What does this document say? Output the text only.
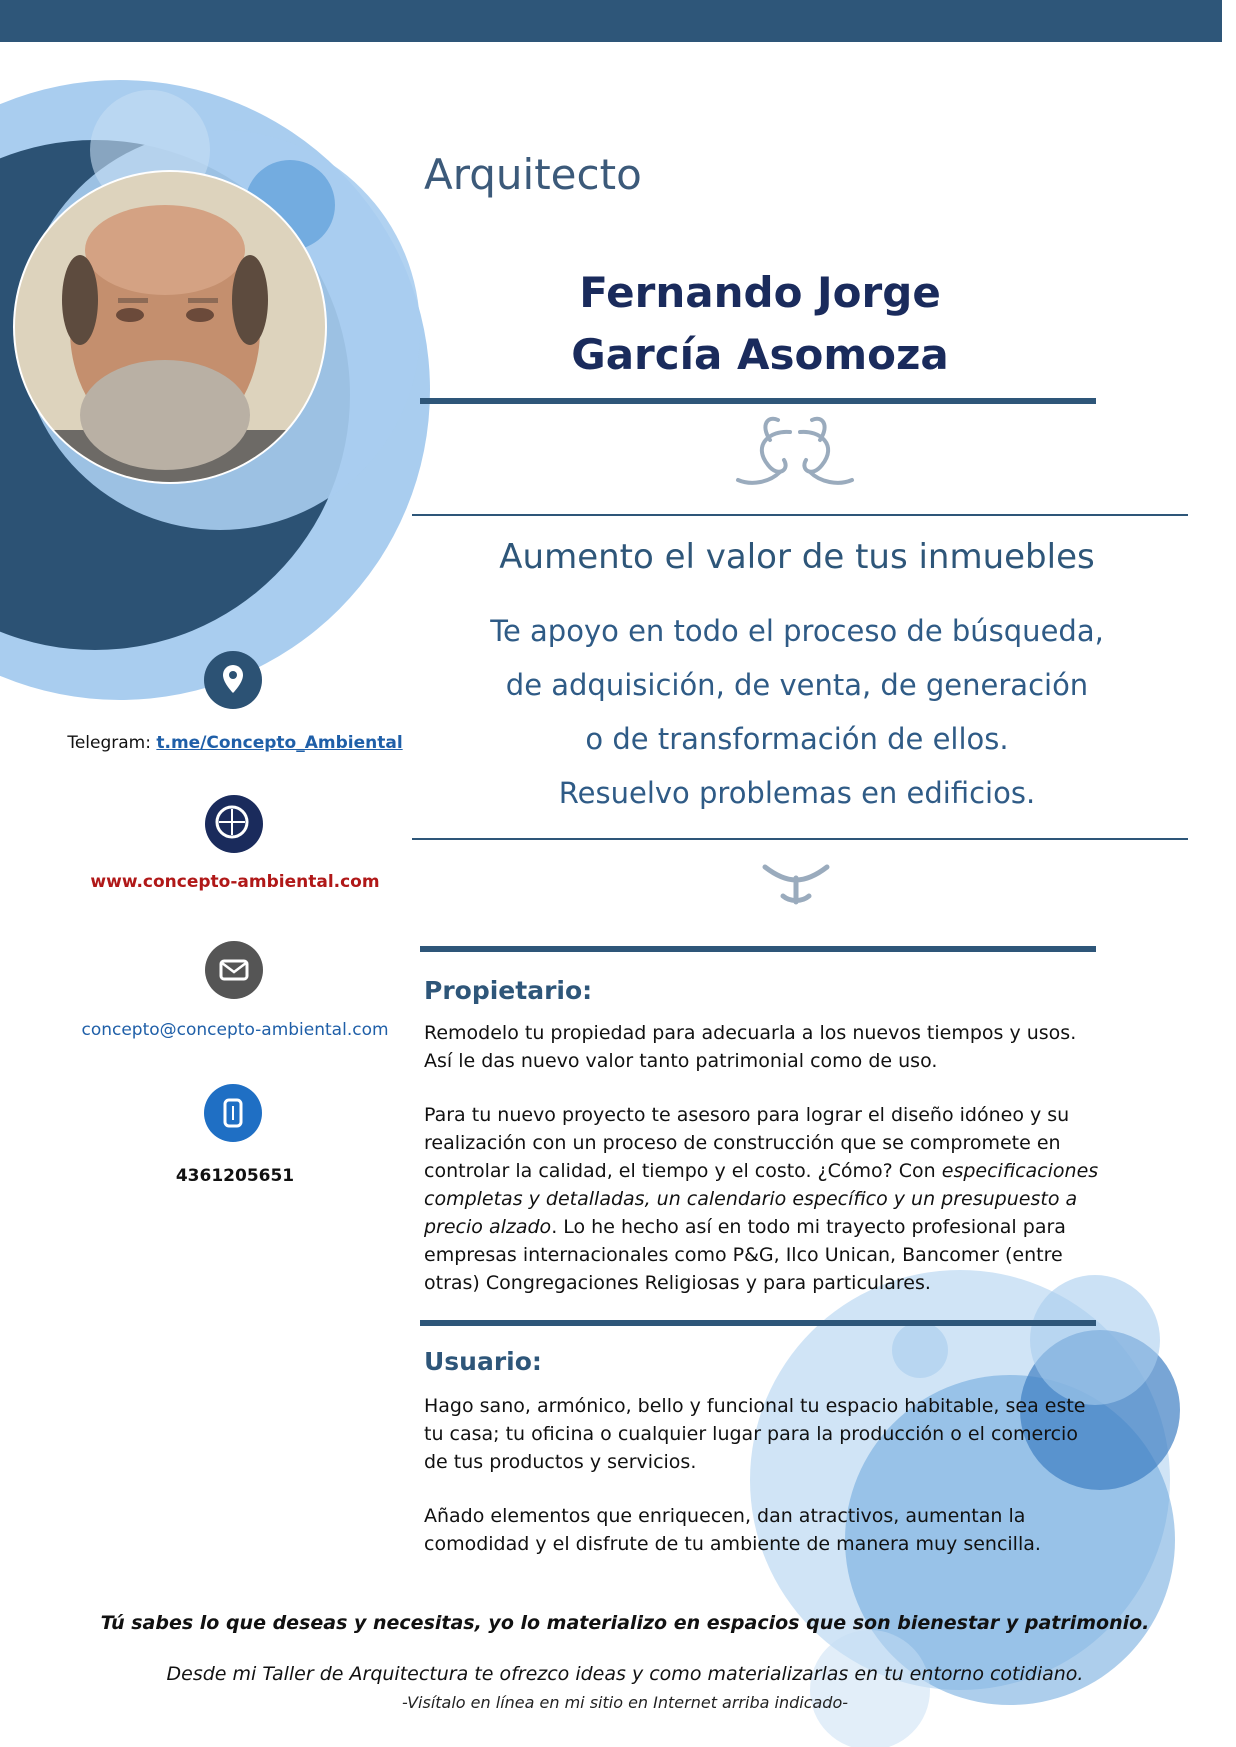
Arquitecto
Fernando Jorge
García Asomoza
Aumento el valor de tus inmuebles
Te apoyo en todo el proceso de búsqueda,
de adquisición, de venta, de generación
o de transformación de ellos.
Resuelvo problemas en edificios.
Telegram: t.me/Concepto_Ambiental
www.concepto-ambiental.com
concepto@concepto-ambiental.com
4361205651
Propietario:

Remodelo tu propiedad para adecuarla a los nuevos tiempos y usos. Así le das nuevo valor tanto patrimonial como de uso.

Para tu nuevo proyecto te asesoro para lograr el diseño idóneo y su realización con un proceso de construcción que se compromete en controlar la calidad, el tiempo y el costo. ¿Cómo? Con especificaciones completas y detalladas, un calendario específico y un presupuesto a precio alzado. Lo he hecho así en todo mi trayecto profesional para empresas internacionales como P&G, Ilco Unican, Bancomer (entre otras) Congregaciones Religiosas y para particulares.

Usuario:

Hago sano, armónico, bello y funcional tu espacio habitable, sea este tu casa; tu oficina o cualquier lugar para la producción o el comercio de tus productos y servicios.

Añado elementos que enriquecen, dan atractivos, aumentan la comodidad y el disfrute de tu ambiente de manera muy sencilla.

Tú sabes lo que deseas y necesitas, yo lo materializo en espacios que son bienestar y patrimonio.
Desde mi Taller de Arquitectura te ofrezco ideas y como materializarlas en tu entorno cotidiano.
-Visítalo en línea en mi sitio en Internet arriba indicado-
